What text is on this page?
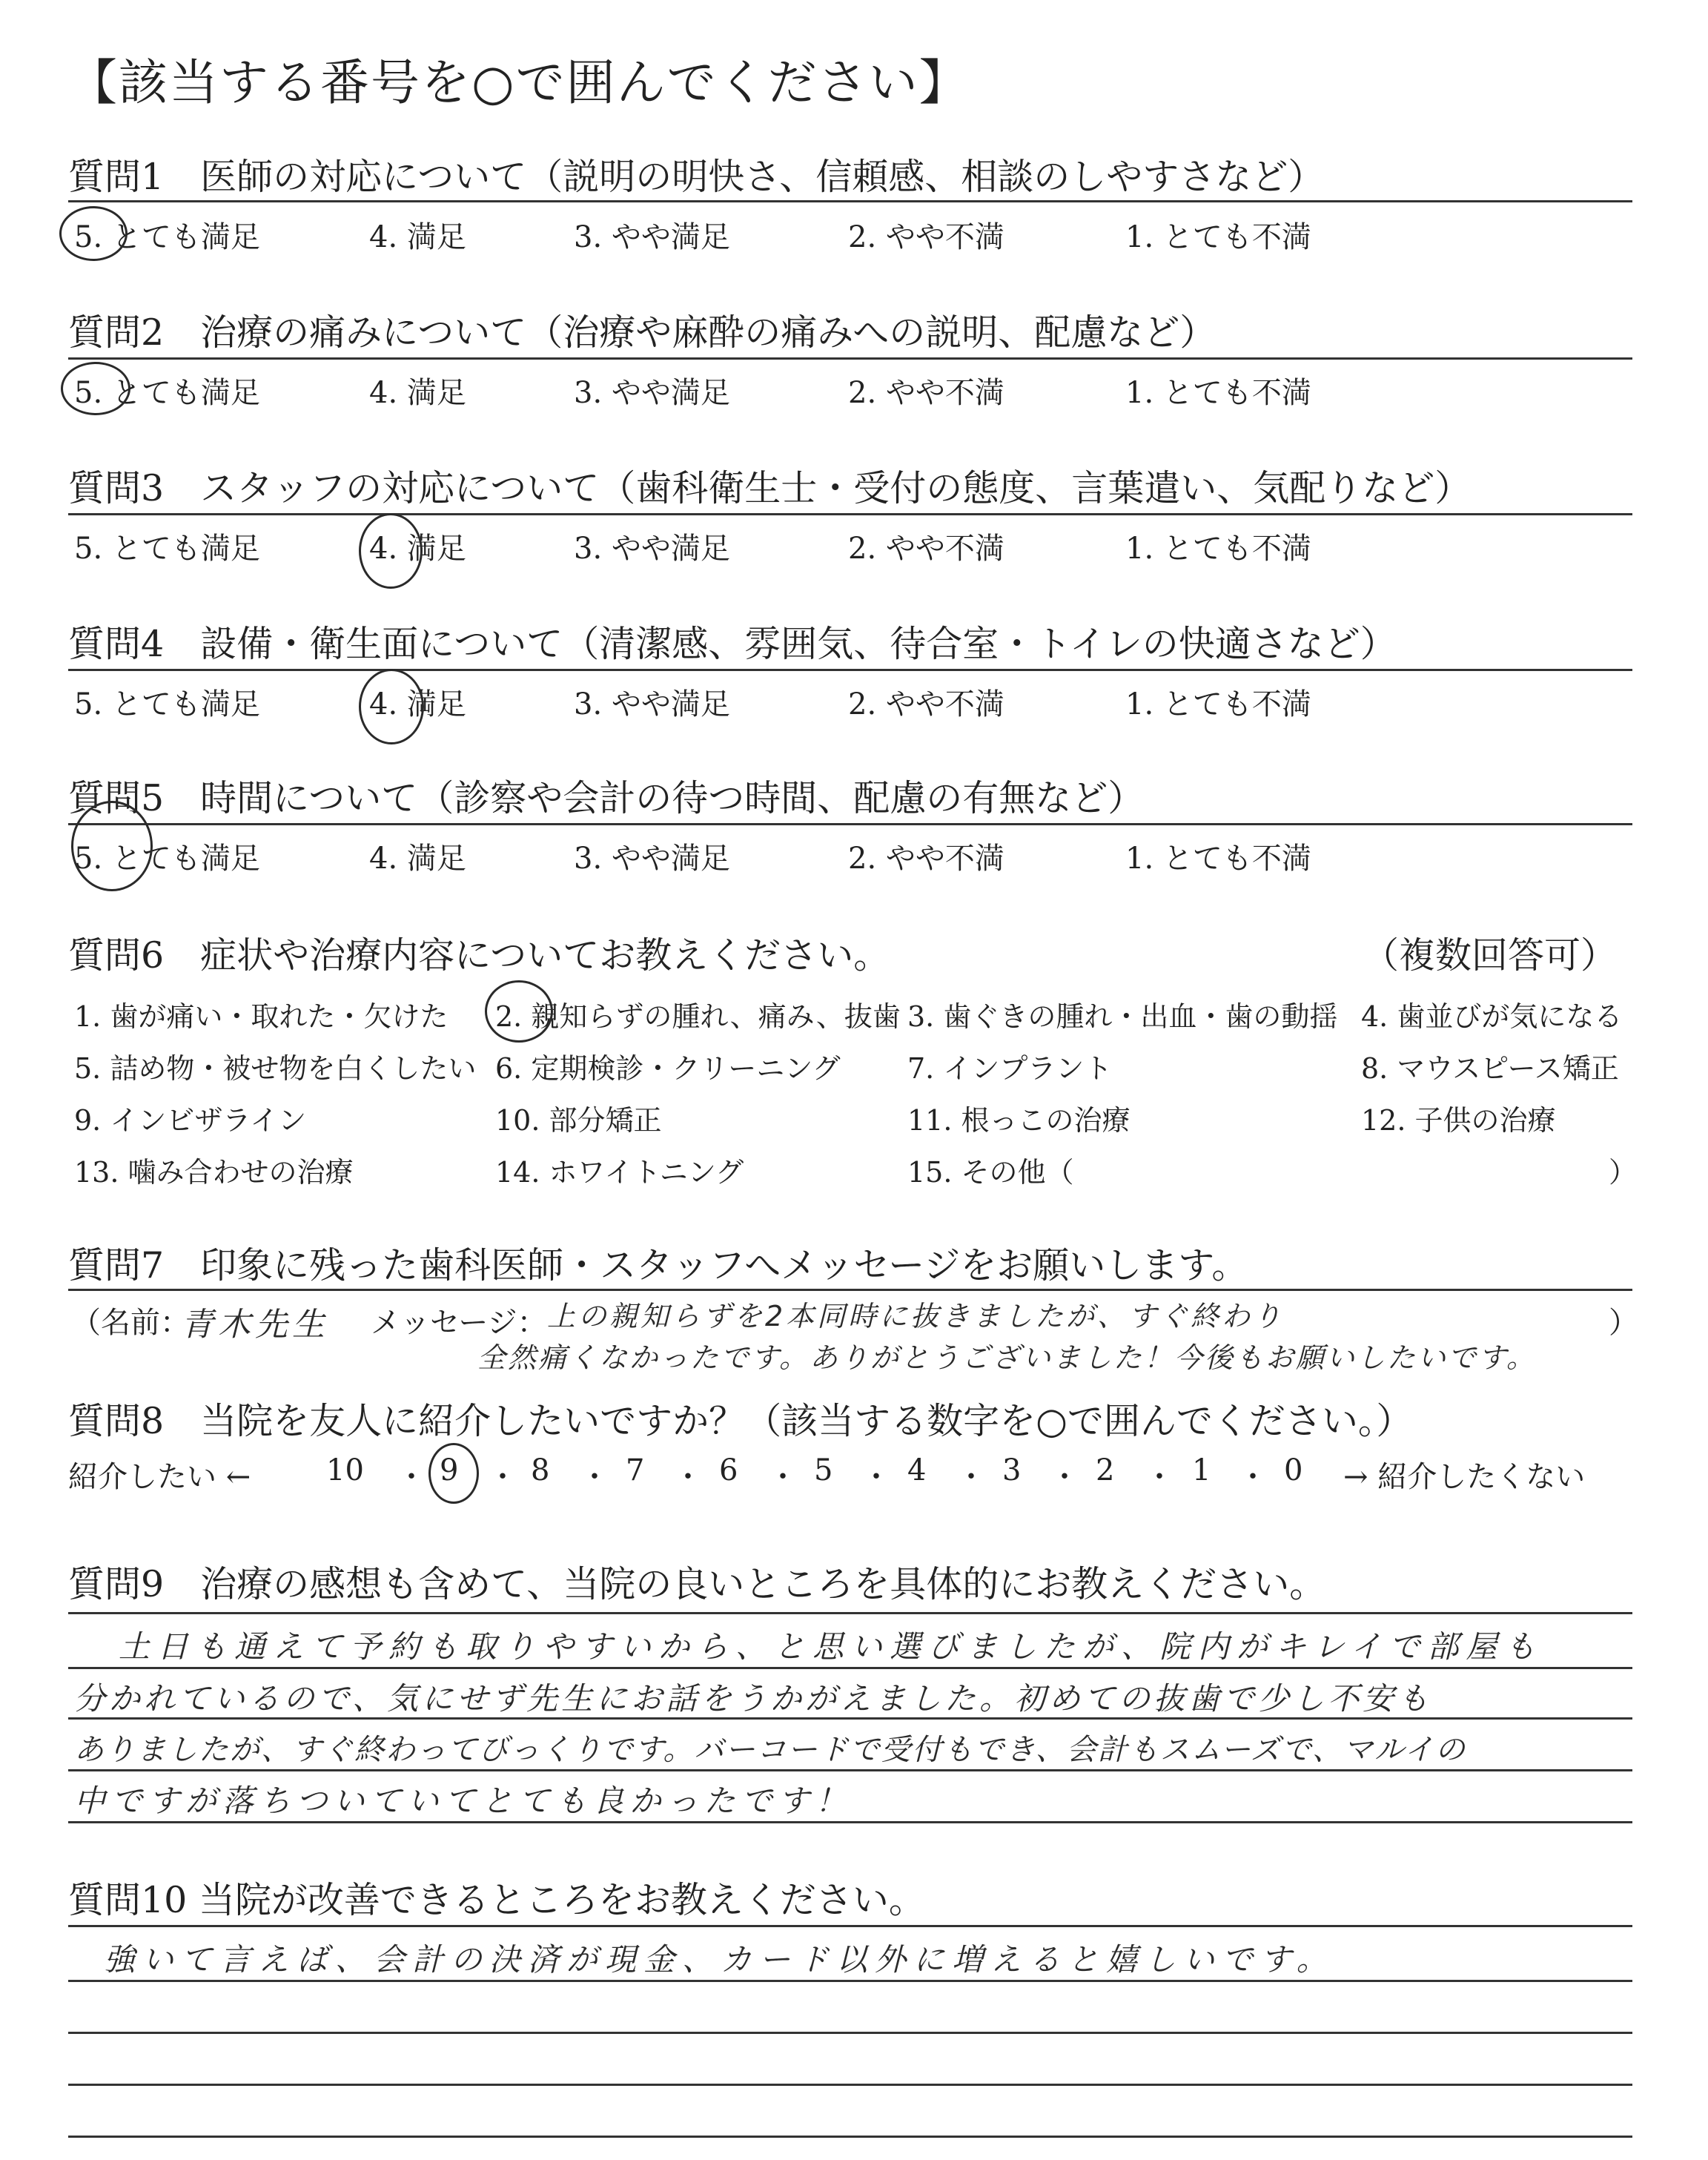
【該当する番号を○で囲んでください】
質問1　医師の対応について（説明の明快さ、信頼感、相談のしやすさなど）
5. とても満足	4. 満足	3. やや満足	2. やや不満	1. とても不満
質問2　治療の痛みについて（治療や麻酔の痛みへの説明、配慮など）
5. とても満足	4. 満足	3. やや満足	2. やや不満	1. とても不満
質問3　スタッフの対応について（歯科衛生士・受付の態度、言葉遣い、気配りなど）
5. とても満足	4. 満足	3. やや満足	2. やや不満	1. とても不満
質問4　設備・衛生面について（清潔感、雰囲気、待合室・トイレの快適さなど）
5. とても満足	4. 満足	3. やや満足	2. やや不満	1. とても不満
質問5　時間について（診察や会計の待つ時間、配慮の有無など）
5. とても満足	4. 満足	3. やや満足	2. やや不満	1. とても不満
質問6　症状や治療内容についてお教えください。	（複数回答可）
1. 歯が痛い・取れた・欠けた 2. 親知らずの腫れ、痛み、抜歯 3. 歯ぐきの腫れ・出血・歯の動揺 4. 歯並びが気になる
5. 詰め物・被せ物を白くしたい 6. 定期検診・クリーニング 7. インプラント	8. マウスピース矯正
9. インビザライン	10. 部分矯正	11. 根っこの治療	12. 子供の治療
13. 噛み合わせの治療	14. ホワイトニング	15. その他（	）
質問7　印象に残った歯科医師・スタッフへメッセージをお願いします。
（名前：
青木先生 メッセージ： 上の親知らずを2本同時に抜きましたが、すぐ終わり
全然痛くなかったです。ありがとうございました！今後もお願いしたいです。
）
質問8　当院を友人に紹介したいですか？（該当する数字を○で囲んでください。）
紹介したい ←	10 ・ 9 ・ 8 ・ 7 ・ 6 ・ 5 ・ 4 ・ 3 ・ 2 ・ 1 ・ 0 → 紹介したくない
質問9　治療の感想も含めて、当院の良いところを具体的にお教えください。
土日も通えて予約も取りやすいから、と思い選びましたが、院内がキレイで部屋も
分かれているので、気にせず先生にお話をうかがえました。初めての抜歯で少し不安も
ありましたが、すぐ終わってびっくりです。バーコードで受付もでき、会計もスムーズで、マルイの
中ですが落ちついていてとても良かったです！
質問10 当院が改善できるところをお教えください。
強いて言えば、会計の決済が現金、カード以外に増えると嬉しいです。
